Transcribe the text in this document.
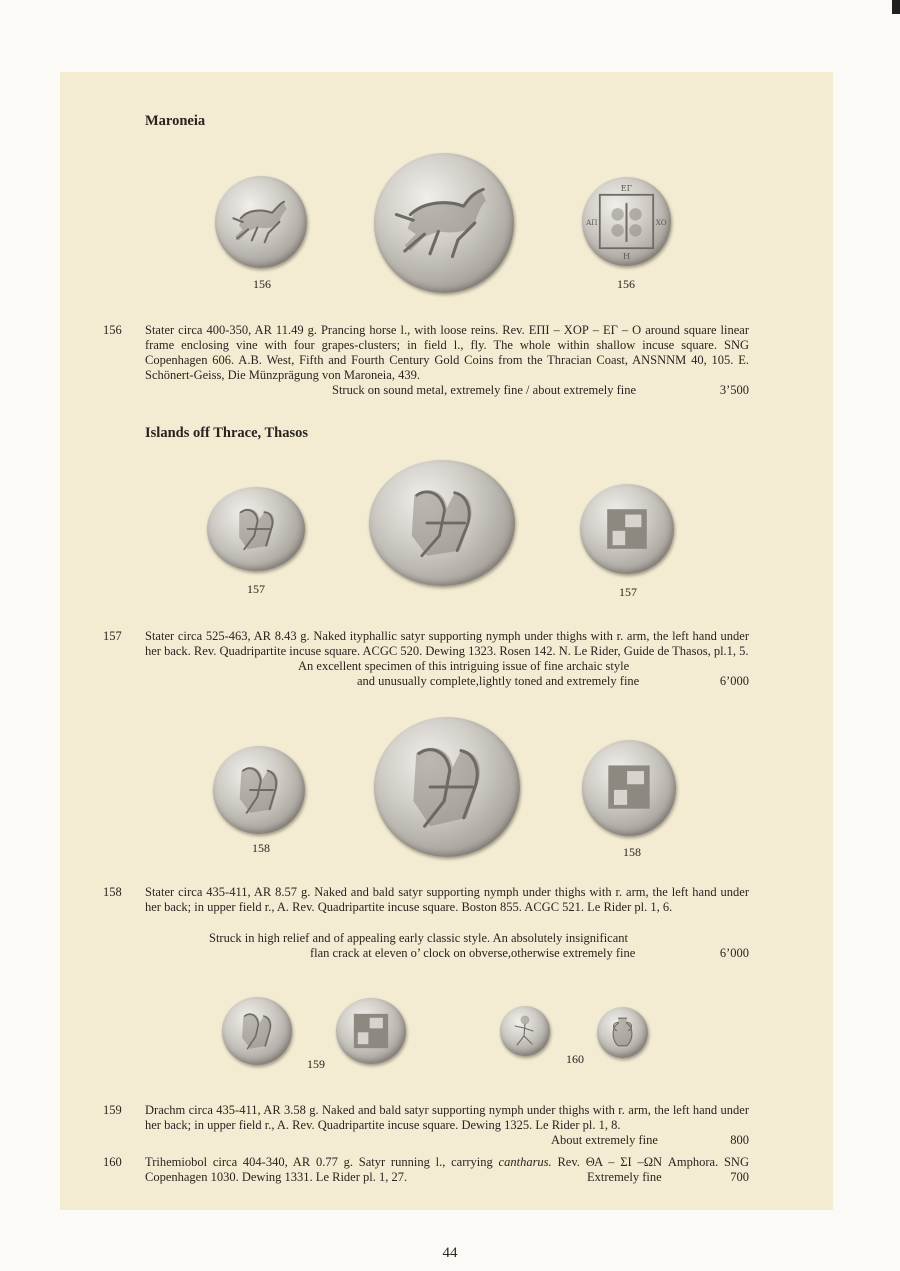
Maroneia
ΕΓ
ΧΟ
ΑΠ
Η
156	156
156 Stater circa 400-350, AR 11.49 g. Prancing horse l., with loose reins. Rev. ΕΠΙ – ΧΟΡ – ΕΓ – Ο around square linear frame enclosing vine with four grapes-clusters; in field l., fly. The whole within shallow incuse square. SNG Copenhagen 606. A.B. West, Fifth and Fourth Century Gold Coins from the Thracian Coast, ANSNNM 40, 105. E. Schönert-Geiss, Die Münzprägung von Maroneia, 439.
Struck on sound metal, extremely fine / about extremely fine	3’500
Islands off Thrace, Thasos
157	157
157 Stater circa 525-463, AR 8.43 g. Naked ityphallic satyr supporting nymph under thighs with r. arm, the left hand under her back. Rev. Quadripartite incuse square. ACGC 520. Dewing 1323. Rosen 142. N. Le Rider, Guide de Thasos, pl.1, 5.
An excellent specimen of this intriguing issue of fine archaic style
and unusually complete,lightly toned and extremely fine	6’000
158	158
158 Stater circa 435-411, AR 8.57 g. Naked and bald satyr supporting nymph under thighs with r. arm, the left hand under her back; in upper field r., A. Rev. Quadripartite incuse square. Boston 855. ACGC 521. Le Rider pl. 1, 6.
Struck in high relief and of appealing early classic style. An absolutely insignificant
flan crack at eleven o’ clock on obverse,otherwise extremely fine	6’000
159	160
159 Drachm circa 435-411, AR 3.58 g. Naked and bald satyr supporting nymph under thighs with r. arm, the left hand under her back; in upper field r., A. Rev. Quadripartite incuse square. Dewing 1325. Le Rider pl. 1, 8.
About extremely fine	800
160 Trihemiobol circa 404-340, AR 0.77 g. Satyr running l., carrying cantharus. Rev. ΘΑ – ΣΙ –ΩΝ Amphora. SNG Copenhagen 1030. Dewing 1331. Le Rider pl. 1, 27.	Extremely fine	700
44
